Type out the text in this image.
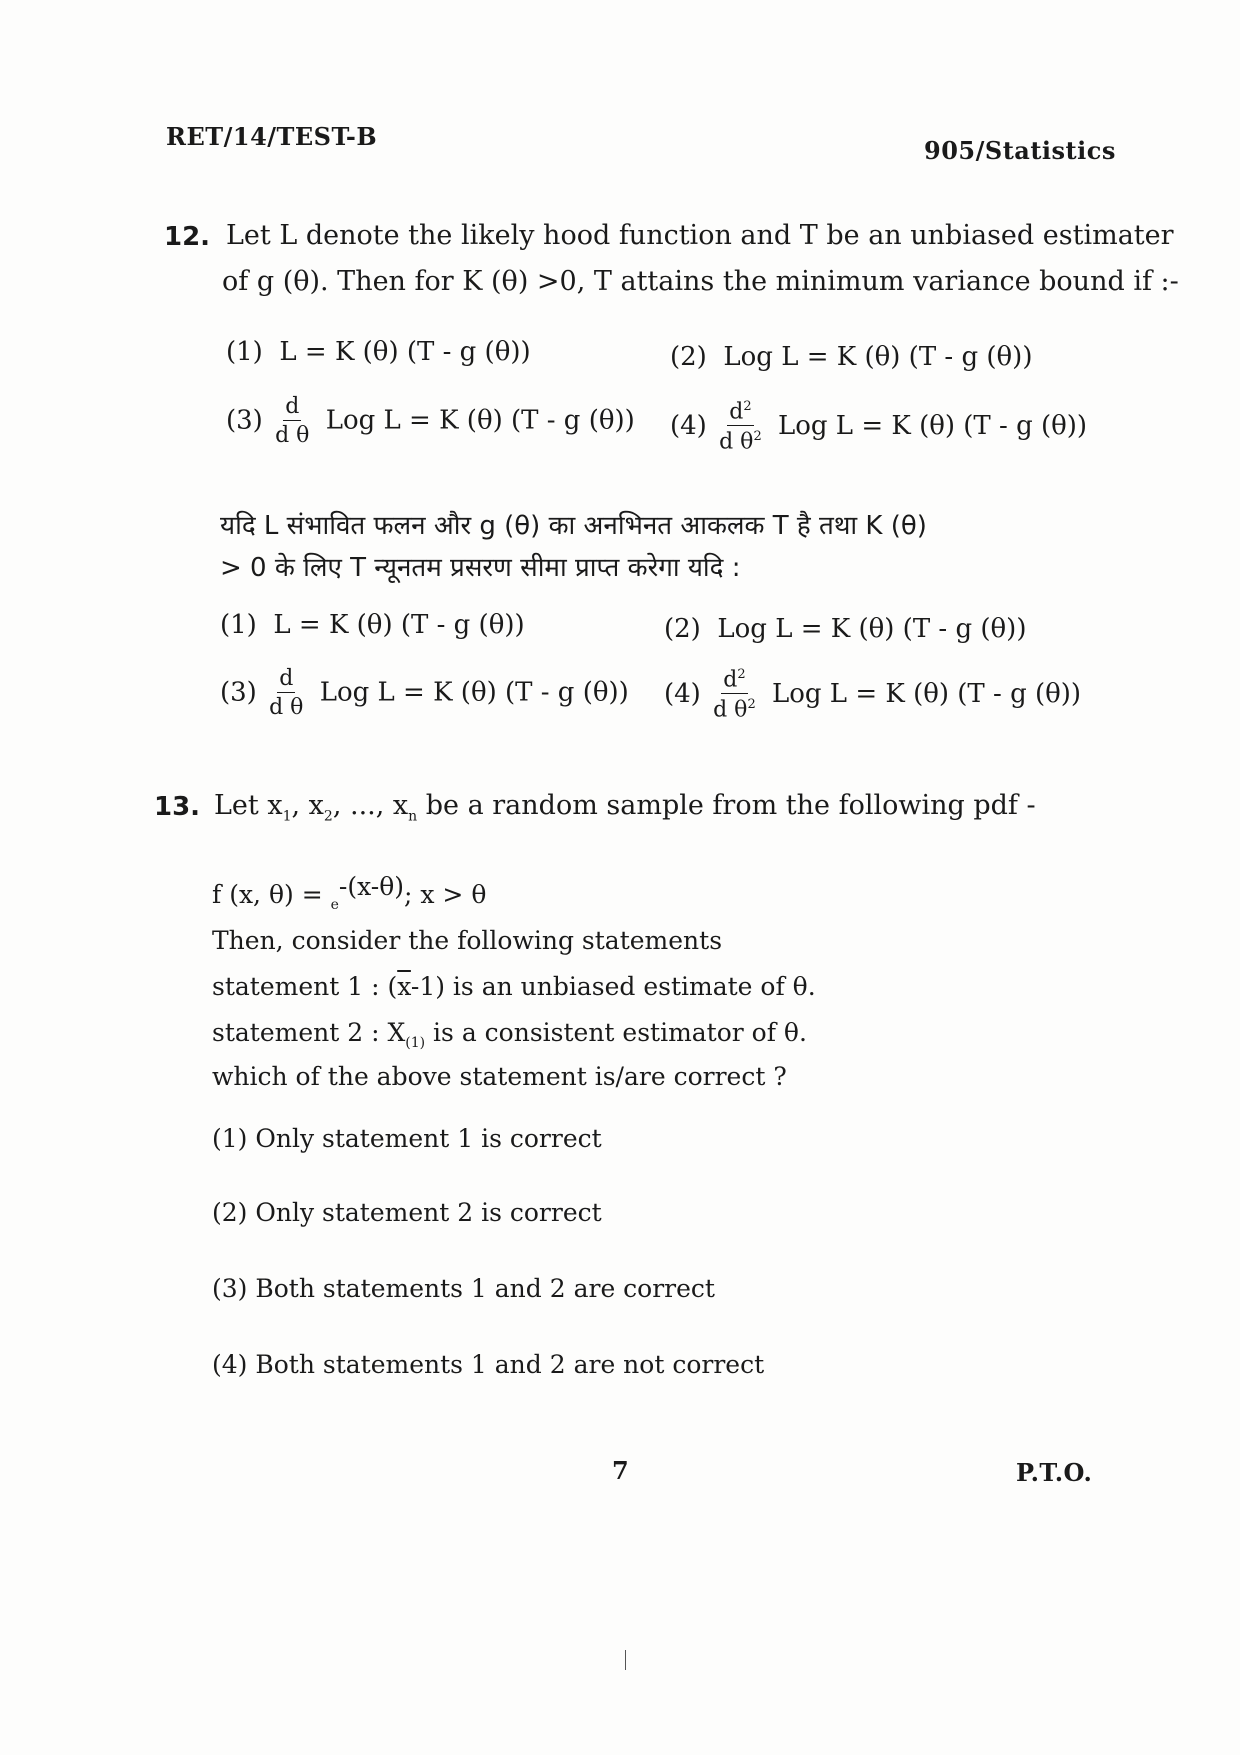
RET/14/TEST-B	905/Statistics
12. Let L denote the likely hood function and T be an unbiased estimater
of g (θ). Then for K (θ) >0, T attains the minimum variance bound if :-
(1) L = K (θ) (T - g (θ))	(2) Log L = K (θ) (T - g (θ))
$(3) \frac{d}{\text{d θ}}$ Log L = K (θ) (T - g (θ)) $(4) \frac{d^2}{d \theta^2}$ Log L = K (θ) (T - g (θ))
यदि L संभावित फलन और g (θ) का अनभिनत आकलक T है तथा K (θ)
> 0 के लिए T न्यूनतम प्रसरण सीमा प्राप्त करेगा यदि :
(1) L = K (θ) (T - g (θ))	(2) Log L = K (θ) (T - g (θ))
$(3) \frac{d}{\text{d θ}}$ Log L = K (θ) (T - g (θ)) $(4) \frac{d^2}{d \theta^2}$ Log L = K (θ) (T - g (θ))
13. Let $x_1$, $x_2$, ..., $x_n$ be a random sample from the following pdf -
f (x, θ) = $_e$-(x-θ); x > θ
Then, consider the following statements
statement 1 : $(\overline{x}-1)$ is an unbiased estimate of θ.
statement 2 : $X_{(1)}$ is a consistent estimator of θ.
which of the above statement is/are correct ?
(1) Only statement 1 is correct
(2) Only statement 2 is correct
(3) Both statements 1 and 2 are correct
(4) Both statements 1 and 2 are not correct
7	P.T.O.
